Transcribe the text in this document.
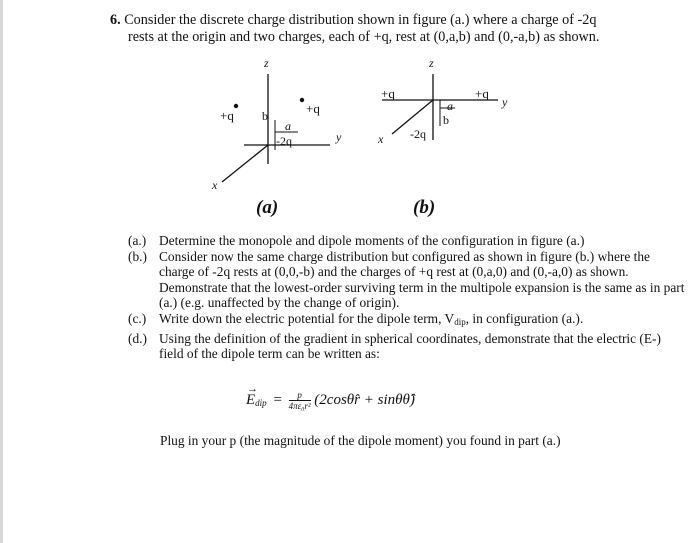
6. Consider the discrete charge distribution shown in figure (a.) where a charge of -2q
rests at the origin and two charges, each of +q, rest at (0,a,b) and (0,-a,b) as shown.
z
y
x
+q	+q
b
a
-2q
z
y
x
+q	+q
b
a
-2q
(a)	(b)
(a.) Determine the monopole and dipole moments of the configuration in figure (a.)
(b.) Consider now the same charge distribution but configured as shown in figure (b.) where the charge of -2q rests at (0,0,-b) and the charges of +q rest at (0,a,0) and (0,-a,0) as shown. Demonstrate that the lowest-order surviving term in the multipole expansion is the same as in part (a.) (e.g. unaffected by the change of origin).
(c.) Write down the electric potential for the dipole term, $V_{dip}$, in configuration (a.).
(d.) Using the definition of the gradient in spherical coordinates, demonstrate that the electric (E-) field of the dipole term can be written as:
→
$E_{dip} = \frac{p}{\text{4πε₀r²}}$ (2cosθr̂ + sinθθ̂)
Plug in your p (the magnitude of the dipole moment) you found in part (a.)
